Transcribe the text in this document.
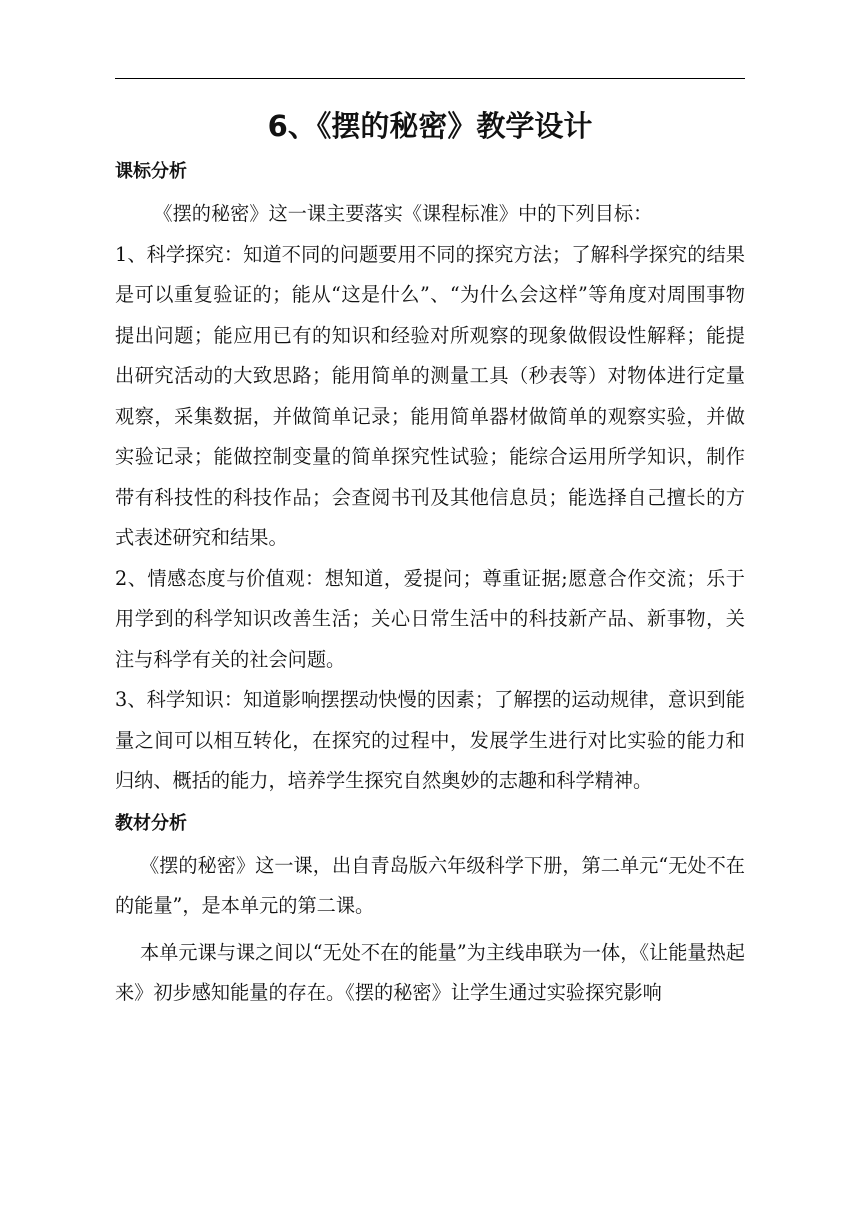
6、《摆的秘密》教学设计
课标分析

《摆的秘密》这一课主要落实《课程标准》中的下列目标：

1、科学探究：知道不同的问题要用不同的探究方法；了解科学探究的结果是可以重复验证的；能从“这是什么”、“为什么会这样”等角度对周围事物提出问题；能应用已有的知识和经验对所观察的现象做假设性解释；能提出研究活动的大致思路；能用简单的测量工具（秒表等）对物体进行定量观察，采集数据，并做简单记录；能用简单器材做简单的观察实验，并做实验记录；能做控制变量的简单探究性试验；能综合运用所学知识，制作带有科技性的科技作品；会查阅书刊及其他信息员；能选择自己擅长的方式表述研究和结果。

2、情感态度与价值观：想知道，爱提问；尊重证据;愿意合作交流；乐于用学到的科学知识改善生活；关心日常生活中的科技新产品、新事物，关注与科学有关的社会问题。

3、科学知识：知道影响摆摆动快慢的因素；了解摆的运动规律，意识到能量之间可以相互转化，在探究的过程中，发展学生进行对比实验的能力和归纳、概括的能力，培养学生探究自然奥妙的志趣和科学精神。

教材分析

《摆的秘密》这一课，出自青岛版六年级科学下册，第二单元“无处不在的能量”，是本单元的第二课。

本单元课与课之间以“无处不在的能量”为主线串联为一体，《让能量热起来》初步感知能量的存在。《摆的秘密》让学生通过实验探究影响
